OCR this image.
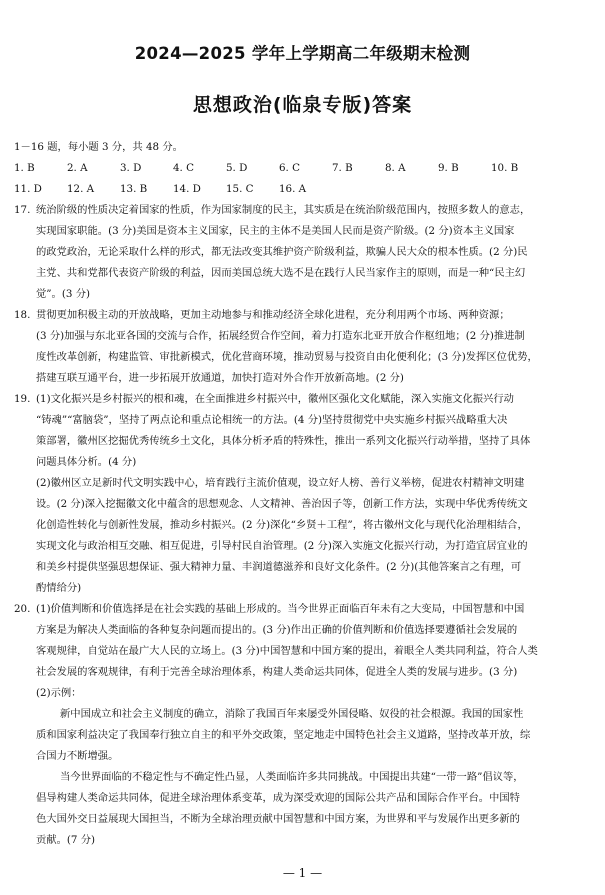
2024—2025 学年上学期高二年级期末检测
思想政治(临泉专版)答案
1－16 题，每小题 3 分，共 48 分。
1. B	2. A	3. D	4. C	5. D	6. C	7. B	8. A	9. B	10. B
11. D	12. A	13. B	14. D	15. C	16. A
17. 统治阶级的性质决定着国家的性质，作为国家制度的民主，其实质是在统治阶级范围内，按照多数人的意志，
实现国家职能。(3 分)美国是资本主义国家，民主的主体不是美国人民而是资产阶级。(2 分)资本主义国家
的政党政治，无论采取什么样的形式，都无法改变其维护资产阶级利益，欺骗人民大众的根本性质。(2 分)民
主党、共和党都代表资产阶级的利益，因而美国总统大选不是在践行人民当家作主的原则，而是一种“民主幻
觉”。(3 分)
18. 贯彻更加积极主动的开放战略，更加主动地参与和推动经济全球化进程，充分利用两个市场、两种资源；
(3 分)加强与东北亚各国的交流与合作，拓展经贸合作空间，着力打造东北亚开放合作枢纽地；(2 分)推进制
度性改革创新，构建监管、审批新模式，优化营商环境，推动贸易与投资自由化便利化；(3 分)发挥区位优势，
搭建互联互通平台，进一步拓展开放通道，加快打造对外合作开放新高地。(2 分)
19. (1)文化振兴是乡村振兴的根和魂，在全面推进乡村振兴中，徽州区强化文化赋能，深入实施文化振兴行动
“铸魂”“富脑袋”，坚持了两点论和重点论相统一的方法。(4 分)坚持贯彻党中央实施乡村振兴战略重大决
策部署，徽州区挖掘优秀传统乡土文化，具体分析矛盾的特殊性，推出一系列文化振兴行动举措，坚持了具体
问题具体分析。(4 分)
(2)徽州区立足新时代文明实践中心，培育践行主流价值观，设立好人榜、善行义举榜，促进农村精神文明建
设。(2 分)深入挖掘徽文化中蕴含的思想观念、人文精神、善治因子等，创新工作方法，实现中华优秀传统文
化创造性转化与创新性发展，推动乡村振兴。(2 分)深化“乡贤＋工程”，将古徽州文化与现代化治理相结合，
实现文化与政治相互交融、相互促进，引导村民自治管理。(2 分)深入实施文化振兴行动，为打造宜居宜业的
和美乡村提供坚强思想保证、强大精神力量、丰润道德滋养和良好文化条件。(2 分)(其他答案言之有理，可
酌情给分)
20. (1)价值判断和价值选择是在社会实践的基础上形成的。当今世界正面临百年未有之大变局，中国智慧和中国
方案是为解决人类面临的各种复杂问题而提出的。(3 分)作出正确的价值判断和价值选择要遵循社会发展的
客观规律，自觉站在最广大人民的立场上。(3 分)中国智慧和中国方案的提出，着眼全人类共同利益，符合人类
社会发展的客观规律，有利于完善全球治理体系，构建人类命运共同体，促进全人类的发展与进步。(3 分)
(2)示例：
新中国成立和社会主义制度的确立，消除了我国百年来屡受外国侵略、奴役的社会根源。我国的国家性
质和国家利益决定了我国奉行独立自主的和平外交政策，坚定地走中国特色社会主义道路，坚持改革开放，综
合国力不断增强。
当今世界面临的不稳定性与不确定性凸显，人类面临许多共同挑战。中国提出共建“一带一路”倡议等，
倡导构建人类命运共同体，促进全球治理体系变革，成为深受欢迎的国际公共产品和国际合作平台。中国特
色大国外交日益展现大国担当，不断为全球治理贡献中国智慧和中国方案，为世界和平与发展作出更多新的
贡献。(7 分)
— 1 —
